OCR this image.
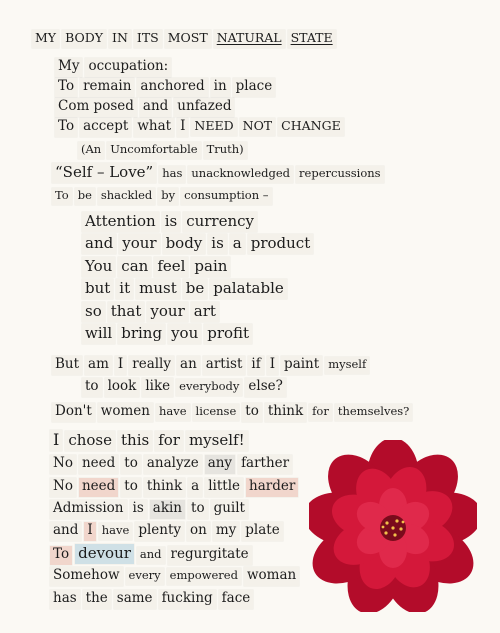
MY BODY IN ITS MOST NATURAL STATE
My occupation:
To remain anchored in place
Com posed and unfazed
To accept what I NEED NOT CHANGE
(An Uncomfortable Truth)
“Self – Love” has unacknowledged repercussions
To be shackled by consumption –
Attention is currency
and your body is a product
You can feel pain
but it must be palatable
so that your art
will bring you profit
But am I really an artist if I paint myself
to look like everybody else?
Don't women have license to think for themselves?
I chose this for myself!
No need to analyze any farther
No need to think a little harder
Admission is akin to guilt
and I have plenty on my plate
To devour and regurgitate
Somehow every empowered woman
has the same fucking face
